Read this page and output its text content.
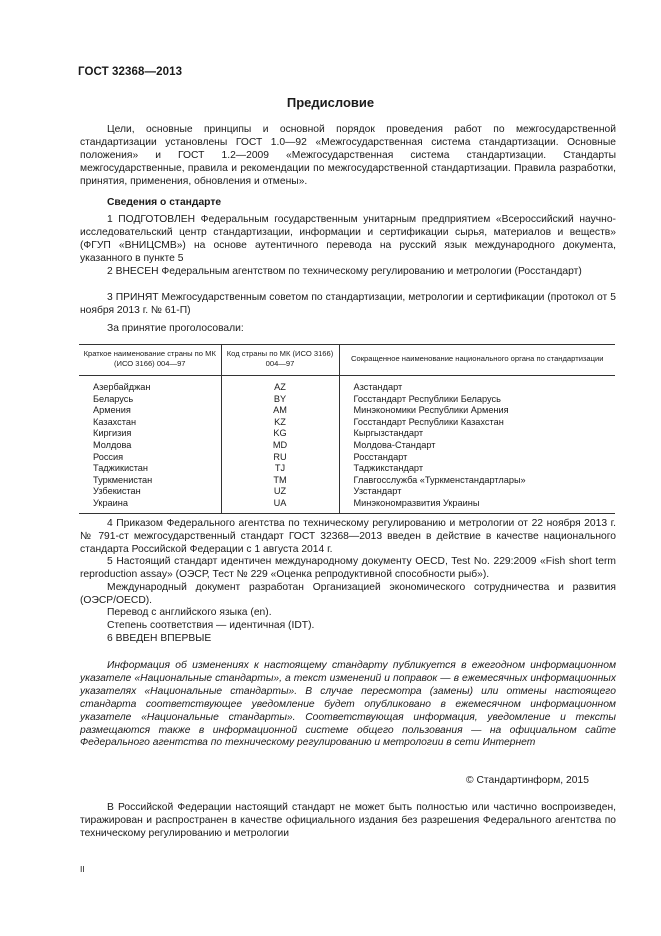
ГОСТ 32368—2013
Предисловие
Цели, основные принципы и основной порядок проведения работ по межгосударственной стандартизации установлены ГОСТ 1.0—92 «Межгосударственная система стандартизации. Основные положения» и ГОСТ 1.2—2009 «Межгосударственная система стандартизации. Стандарты межгосударственные, правила и рекомендации по межгосударственной стандартизации. Правила разработки, принятия, применения, обновления и отмены».
Сведения о стандарте
1 ПОДГОТОВЛЕН Федеральным государственным унитарным предприятием «Всероссийский научно-исследовательский центр стандартизации, информации и сертификации сырья, материалов и веществ» (ФГУП «ВНИЦСМВ») на основе аутентичного перевода на русский язык международного документа, указанного в пункте 5
2 ВНЕСЕН Федеральным агентством по техническому регулированию и метрологии (Росстандарт)
3 ПРИНЯТ Межгосударственным советом по стандартизации, метрологии и сертификации (протокол от 5 ноября 2013 г. № 61-П)
За принятие проголосовали:
Краткое наименование страны по МК (ИСО 3166) 004—97	Код страны по МК (ИСО 3166) 004—97	Сокращенное наименование национального органа по стандартизации
Азербайджан	AZ	Азстандарт
Беларусь	BY	Госстандарт Республики Беларусь
Армения	AM	Минэкономики Республики Армения
Казахстан	KZ	Госстандарт Республики Казахстан
Киргизия	KG	Кыргызстандарт
Молдова	MD	Молдова-Стандарт
Россия	RU	Росстандарт
Таджикистан	TJ	Таджикстандарт
Туркменистан	TM	Главгосслужба «Туркменстандартлары»
Узбекистан	UZ	Узстандарт
Украина	UA	Минэкономразвития Украины
4 Приказом Федерального агентства по техническому регулированию и метрологии от 22 ноября 2013 г. № 791-ст межгосударственный стандарт ГОСТ 32368—2013 введен в действие в качестве национального стандарта Российской Федерации с 1 августа 2014 г.
5 Настоящий стандарт идентичен международному документу OECD, Test No. 229:2009 «Fish short term reproduction assay» (ОЭСР, Тест № 229 «Оценка репродуктивной способности рыб»).
Международный документ разработан Организацией экономического сотрудничества и развития (ОЭСР/OECD).
Перевод с английского языка (en).
Степень соответствия — идентичная (IDT).
6 ВВЕДЕН ВПЕРВЫЕ
Информация об изменениях к настоящему стандарту публикуется в ежегодном информационном указателе «Национальные стандарты», а текст изменений и поправок — в ежемесячных информационных указателях «Национальные стандарты». В случае пересмотра (замены) или отмены настоящего стандарта соответствующее уведомление будет опубликовано в ежемесячном информационном указателе «Национальные стандарты». Соответствующая информация, уведомление и тексты размещаются также в информационной системе общего пользования — на официальном сайте Федерального агентства по техническому регулированию и метрологии в сети Интернет
© Стандартинформ, 2015
В Российской Федерации настоящий стандарт не может быть полностью или частично воспроизведен, тиражирован и распространен в качестве официального издания без разрешения Федерального агентства по техническому регулированию и метрологии
II
